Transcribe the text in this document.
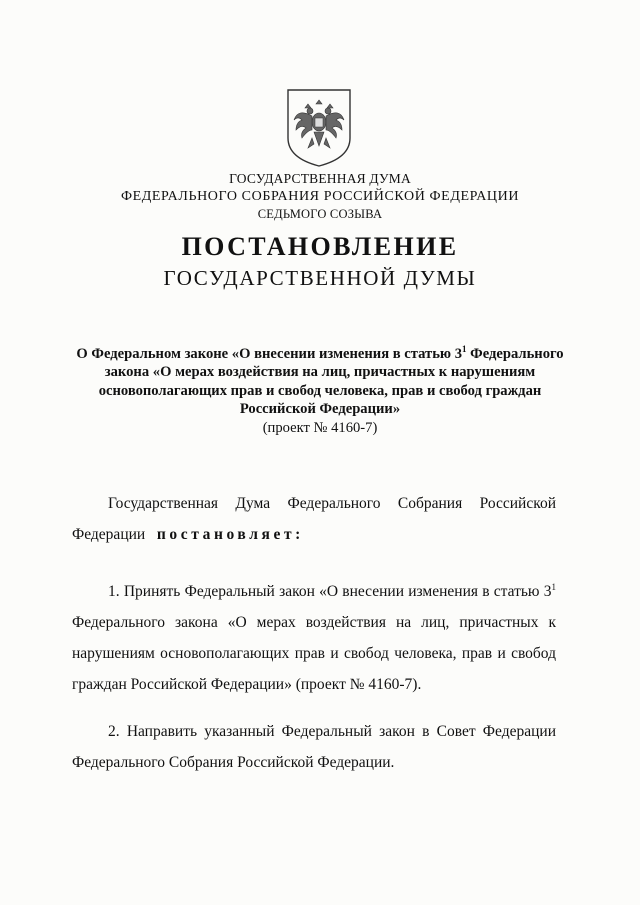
ГОСУДАРСТВЕННАЯ ДУМА
ФЕДЕРАЛЬНОГО СОБРАНИЯ РОССИЙСКОЙ ФЕДЕРАЦИИ
СЕДЬМОГО СОЗЫВА
ПОСТАНОВЛЕНИЕ
ГОСУДАРСТВЕННОЙ ДУМЫ
О Федеральном законе «О внесении изменения в статью $3^1$ Федерального закона «О мерах воздействия на лиц, причастных к нарушениям основополагающих прав и свобод человека, прав и свобод граждан Российской Федерации»
(проект № 4160-7)
Государственная Дума Федерального Собрания Российской
Федерации постановляет:
1. Принять Федеральный закон «О внесении изменения в статью $3^1$ Федерального закона «О мерах воздействия на лиц, причастных к нарушениям основополагающих прав и свобод человека, прав и свобод граждан Российской Федерации» (проект № 4160-7).
2. Направить указанный Федеральный закон в Совет Федерации Федерального Собрания Российской Федерации.
